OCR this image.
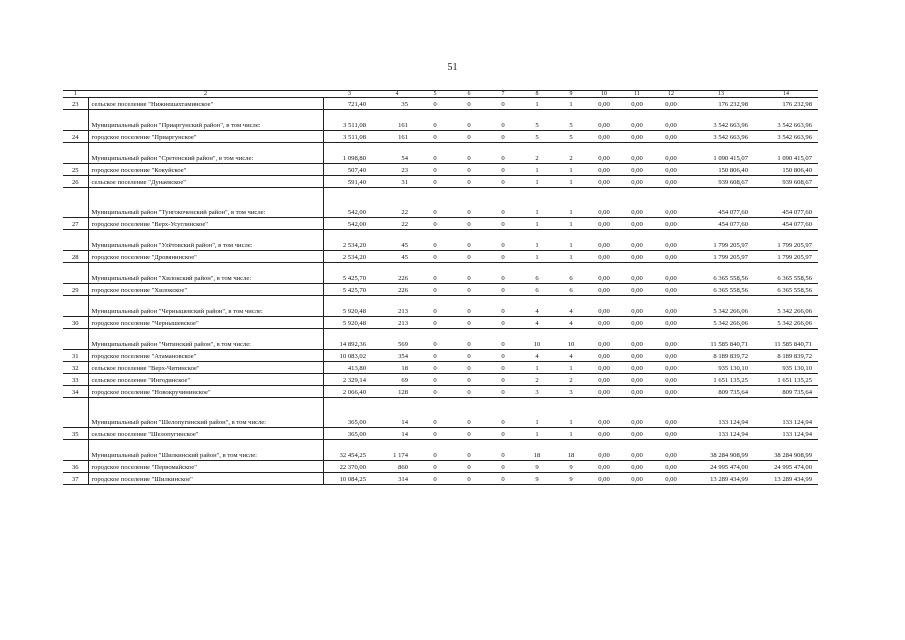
51
1	2	3	4	5	6	7	8	9	10	11	12	13	14
23	сельское поселение "Нижнешахтаминское"	721,40	35	0	0	0	1	1	0,00	0,00	0,00	176 232,98	176 232,98
	Муниципальный район "Приаргунский район", в том числе:	3 511,08	161	0	0	0	5	5	0,00	0,00	0,00	3 542 663,96	3 542 663,96
24	городское поселение "Приаргунское"	3 511,08	161	0	0	0	5	5	0,00	0,00	0,00	3 542 663,96	3 542 663,96
	Муниципальный район "Сретенский район", в том числе:	1 098,80	54	0	0	0	2	2	0,00	0,00	0,00	1 090 415,07	1 090 415,07
25	городское поселение "Кокуйское"	507,40	23	0	0	0	1	1	0,00	0,00	0,00	150 806,40	150 806,40
26	сельское поселение "Дунаевское"	591,40	31	0	0	0	1	1	0,00	0,00	0,00	939 608,67	939 608,67
	Муниципальный район "Тунгокоченский район", в том числе:	542,00	22	0	0	0	1	1	0,00	0,00	0,00	454 077,60	454 077,60
27	городское поселение "Верх-Усуглинское"	542,00	22	0	0	0	1	1	0,00	0,00	0,00	454 077,60	454 077,60
	Муниципальный район "Улётовский район", в том числе:	2 534,20	45	0	0	0	1	1	0,00	0,00	0,00	1 799 205,97	1 799 205,97
28	городское поселение "Дровянинское"	2 534,20	45	0	0	0	1	1	0,00	0,00	0,00	1 799 205,97	1 799 205,97
	Муниципальный район "Хилокский район", в том числе:	5 425,70	226	0	0	0	6	6	0,00	0,00	0,00	6 365 558,56	6 365 558,56
29	городское поселение "Хилокское"	5 425,70	226	0	0	0	6	6	0,00	0,00	0,00	6 365 558,56	6 365 558,56
	Муниципальный район "Чернышевский район", в том числе:	5 920,48	213	0	0	0	4	4	0,00	0,00	0,00	5 342 266,06	5 342 266,06
30	городское поселение "Чернышевское"	5 920,48	213	0	0	0	4	4	0,00	0,00	0,00	5 342 266,06	5 342 266,06
	Муниципальный район "Читинский район", в том числе:	14 892,36	569	0	0	0	10	10	0,00	0,00	0,00	11 585 840,71	11 585 840,71
31	городское поселение "Атамановское"	10 083,02	354	0	0	0	4	4	0,00	0,00	0,00	8 189 839,72	8 189 839,72
32	сельское поселение "Верх-Читинское"	413,80	18	0	0	0	1	1	0,00	0,00	0,00	935 130,10	935 130,10
33	сельское поселение "Ингодинское"	2 329,14	69	0	0	0	2	2	0,00	0,00	0,00	1 651 135,25	1 651 135,25
34	городское поселение "Новокручининское"	2 066,40	128	0	0	0	3	3	0,00	0,00	0,00	809 735,64	809 735,64
	Муниципальный район "Шелопугинский район", в том числе:	365,00	14	0	0	0	1	1	0,00	0,00	0,00	133 124,94	133 124,94
35	сельское поселение "Шелопугинское"	365,00	14	0	0	0	1	1	0,00	0,00	0,00	133 124,94	133 124,94
	Муниципальный район "Шилкинский район", в том числе:	32 454,25	1 174	0	0	0	18	18	0,00	0,00	0,00	38 284 908,99	38 284 908,99
36	городское поселение "Первомайское"	22 370,00	860	0	0	0	9	9	0,00	0,00	0,00	24 995 474,00	24 995 474,00
37	городское поселение "Шилкинское"	10 084,25	314	0	0	0	9	9	0,00	0,00	0,00	13 289 434,99	13 289 434,99
